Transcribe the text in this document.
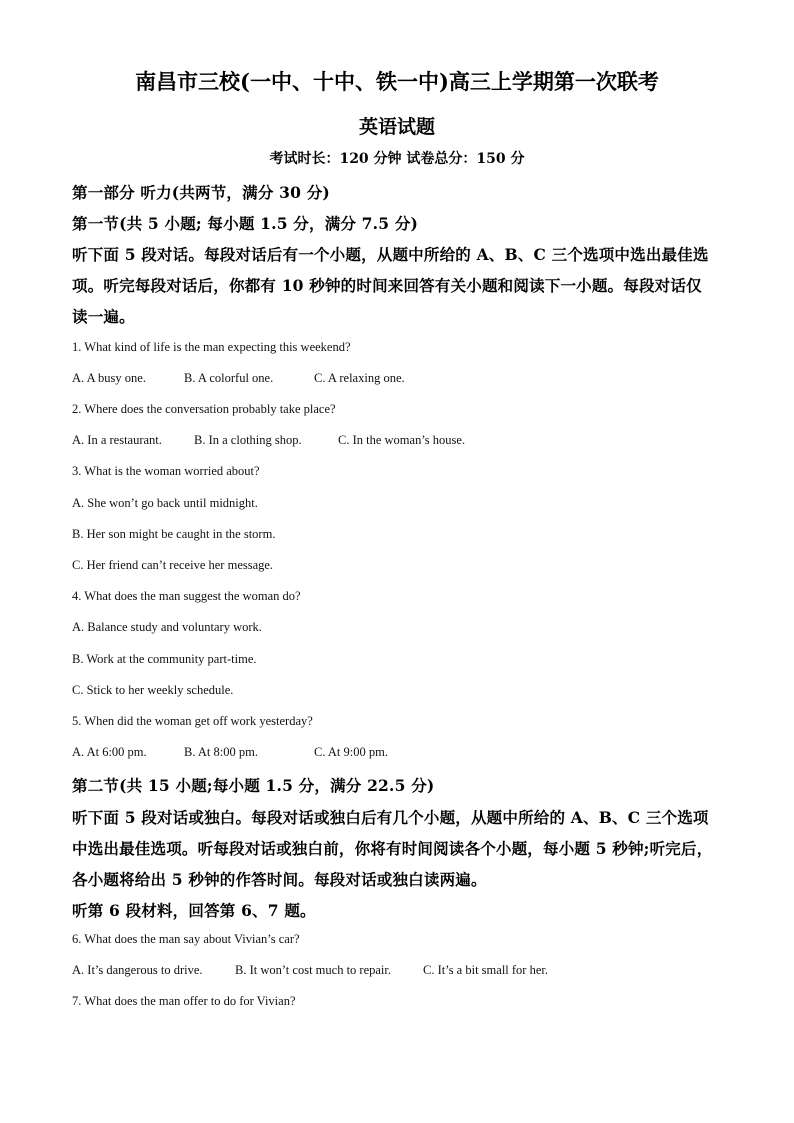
南昌市三校(一中、十中、铁一中)高三上学期第一次联考
英语试题
考试时长：120 分钟 试卷总分：150 分
第一部分 听力(共两节，满分 30 分)
第一节(共 5 小题; 每小题 1.5 分，满分 7.5 分)
听下面 5 段对话。每段对话后有一个小题，从题中所给的 A、B、C 三个选项中选出最佳选
项。听完每段对话后，你都有 10 秒钟的时间来回答有关小题和阅读下一小题。每段对话仅
读一遍。
1. What kind of life is the man expecting this weekend?
A. A busy one.	B. A colorful one.	C. A relaxing one.
2. Where does the conversation probably take place?
A. In a restaurant.	B. In a clothing shop.	C. In the woman’s house.
3. What is the woman worried about?
A. She won’t go back until midnight.
B. Her son might be caught in the storm.
C. Her friend can’t receive her message.
4. What does the man suggest the woman do?
A. Balance study and voluntary work.
B. Work at the community part-time.
C. Stick to her weekly schedule.
5. When did the woman get off work yesterday?
A. At 6:00 pm.	B. At 8:00 pm.	C. At 9:00 pm.
第二节(共 15 小题;每小题 1.5 分，满分 22.5 分)
听下面 5 段对话或独白。每段对话或独白后有几个小题，从题中所给的 A、B、C 三个选项
中选出最佳选项。听每段对话或独白前，你将有时间阅读各个小题，每小题 5 秒钟;听完后，
各小题将给出 5 秒钟的作答时间。每段对话或独白读两遍。
听第 6 段材料，回答第 6、7 题。
6. What does the man say about Vivian’s car?
A. It’s dangerous to drive.	B. It won’t cost much to repair.	C. It’s a bit small for her.
7. What does the man offer to do for Vivian?
